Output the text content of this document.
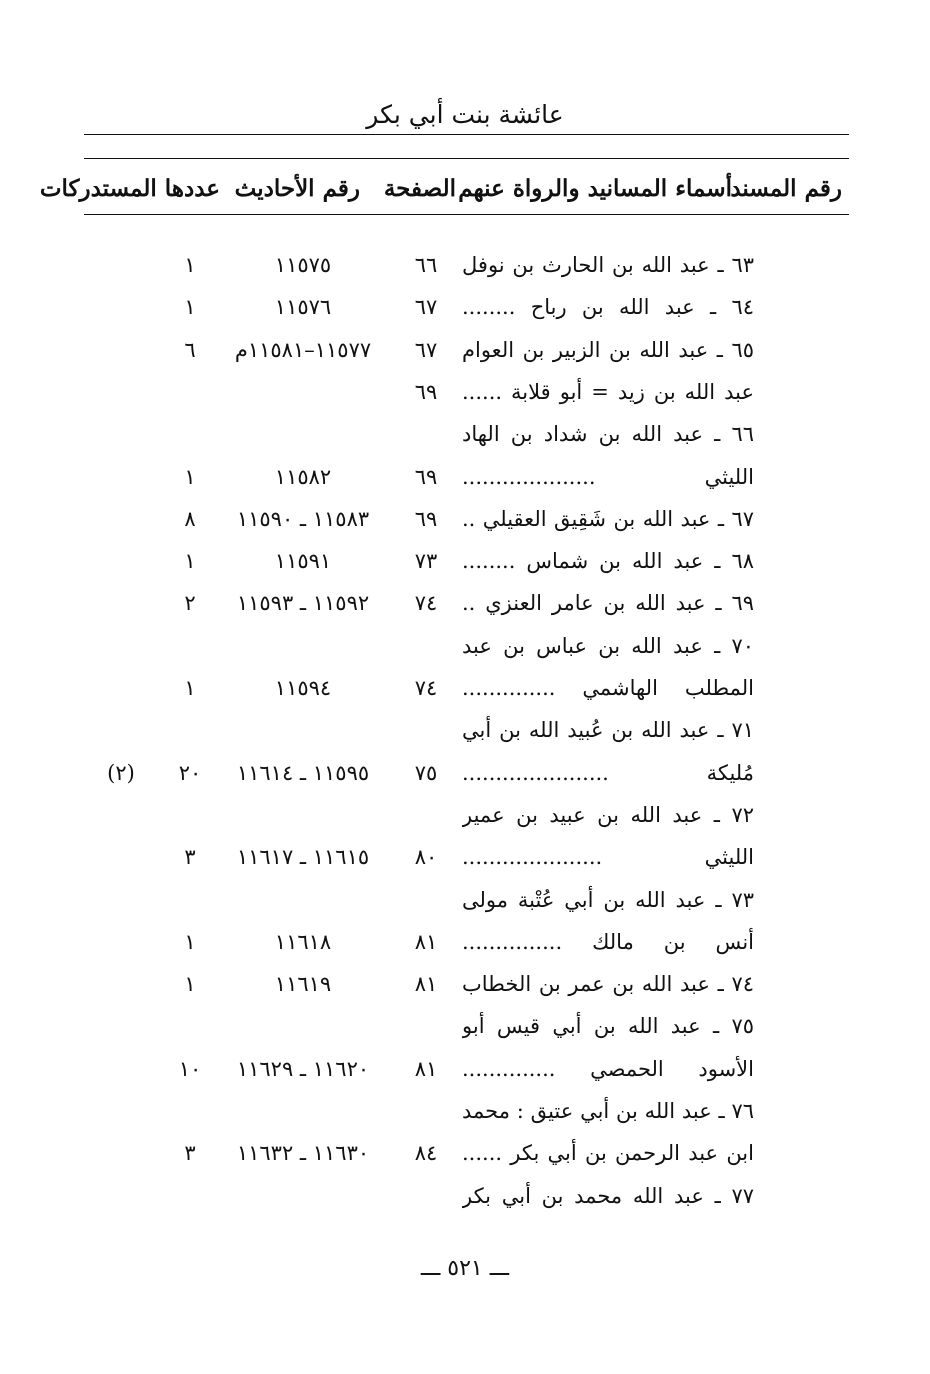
عائشة بنت أبي بكر
رقم المسند
أسماء المسانيد والرواة عنهم
الصفحة
رقم الأحاديث
عددها المستدركات
٦٣ ـ عبد الله بن الحارث بن نوفل
٦٦
١١٥٧٥
١
٦٤ ـ عبد الله بن رباح ........
٦٧
١١٥٧٦
١
٦٥ ـ عبد الله بن الزبير بن العوام
٦٧
١١٥٧٧–١١٥٨١م
٦
عبد الله بن زيد = أبو قلابة ......
٦٩
٦٦ ـ عبد الله بن شداد بن الهاد
الليثي ....................
٦٩
١١٥٨٢
١
٦٧ ـ عبد الله بن شَقِيق العقيلي ..
٦٩
١١٥٨٣ ـ ١١٥٩٠
٨
٦٨ ـ عبد الله بن شماس ........
٧٣
١١٥٩١
١
٦٩ ـ عبد الله بن عامر العنزي ..
٧٤
١١٥٩٢ ـ ١١٥٩٣
٢
٧٠ ـ عبد الله بن عباس بن عبد
المطلب الهاشمي ..............
٧٤
١١٥٩٤
١
٧١ ـ عبد الله بن عُبيد الله بن أبي
مُليكة ......................
٧٥
١١٥٩٥ ـ ١١٦١٤
٢٠
(٢)
٧٢ ـ عبد الله بن عبيد بن عمير
الليثي .....................
٨٠
١١٦١٥ ـ ١١٦١٧
٣
٧٣ ـ عبد الله بن أبي عُتْبة مولى
أنس بن مالك ...............
٨١
١١٦١٨
١
٧٤ ـ عبد الله بن عمر بن الخطاب
٨١
١١٦١٩
١
٧٥ ـ عبد الله بن أبي قيس أبو
الأسود الحمصي ..............
٨١
١١٦٢٠ ـ ١١٦٢٩
١٠
٧٦ ـ عبد الله بن أبي عتيق : محمد
ابن عبد الرحمن بن أبي بكر ......
٨٤
١١٦٣٠ ـ ١١٦٣٢
٣
٧٧ ـ عبد الله محمد بن أبي بكر
ـــ ٥٢١ ـــ
